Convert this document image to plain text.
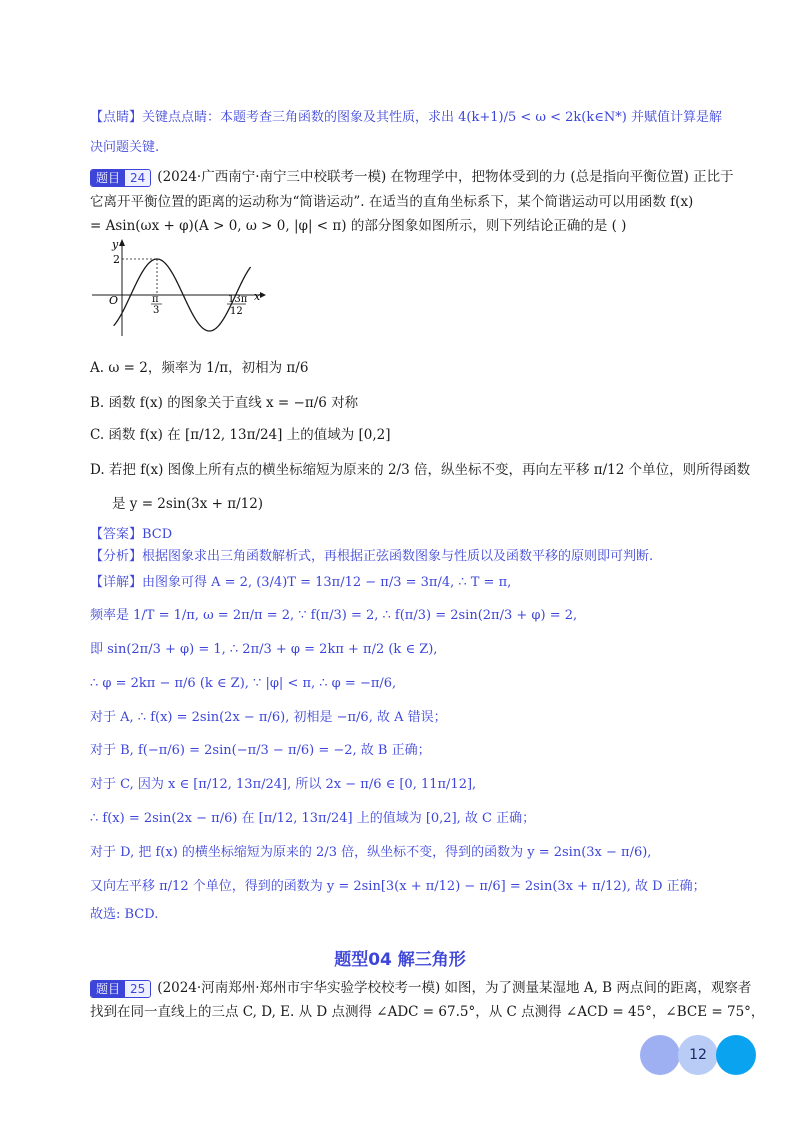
【点睛】关键点点睛：本题考查三角函数的图象及其性质，求出 4(k+1)/5 < ω < 2k(k∈N*) 并赋值计算是解
决问题关键.
题目 24 (2024·广西南宁·南宁三中校联考一模) 在物理学中，把物体受到的力 (总是指向平衡位置) 正比于
它离开平衡位置的距离的运动称为“简谐运动”. 在适当的直角坐标系下，某个简谐运动可以用函数 f(x)
= Asin(ωx + φ)(A > 0, ω > 0, |φ| < π) 的部分图象如图所示，则下列结论正确的是 ( )
y
x
O
2
π
3
13π
12
A. ω = 2，频率为 1/π，初相为 π/6
B. 函数 f(x) 的图象关于直线 x = −π/6 对称
C. 函数 f(x) 在 [π/12, 13π/24] 上的值域为 [0,2]
D. 若把 f(x) 图像上所有点的横坐标缩短为原来的 2/3 倍，纵坐标不变，再向左平移 π/12 个单位，则所得函数
是 y = 2sin(3x + π/12)
【答案】BCD
【分析】根据图象求出三角函数解析式，再根据正弦函数图象与性质以及函数平移的原则即可判断.
【详解】由图象可得 A = 2, (3/4)T = 13π/12 − π/3 = 3π/4, ∴ T = π,
频率是 1/T = 1/π, ω = 2π/π = 2, ∵ f(π/3) = 2, ∴ f(π/3) = 2sin(2π/3 + φ) = 2,
即 sin(2π/3 + φ) = 1, ∴ 2π/3 + φ = 2kπ + π/2 (k ∈ Z),
∴ φ = 2kπ − π/6 (k ∈ Z), ∵ |φ| < π, ∴ φ = −π/6,
对于 A, ∴ f(x) = 2sin(2x − π/6), 初相是 −π/6, 故 A 错误；
对于 B, f(−π/6) = 2sin(−π/3 − π/6) = −2, 故 B 正确；
对于 C, 因为 x ∈ [π/12, 13π/24], 所以 2x − π/6 ∈ [0, 11π/12],
∴ f(x) = 2sin(2x − π/6) 在 [π/12, 13π/24] 上的值域为 [0,2], 故 C 正确；
对于 D, 把 f(x) 的横坐标缩短为原来的 2/3 倍，纵坐标不变，得到的函数为 y = 2sin(3x − π/6),
又向左平移 π/12 个单位，得到的函数为 y = 2sin[3(x + π/12) − π/6] = 2sin(3x + π/12), 故 D 正确；
故选: BCD.
题型04 解三角形
题目 25 (2024·河南郑州·郑州市宇华实验学校校考一模) 如图，为了测量某湿地 A, B 两点间的距离，观察者
找到在同一直线上的三点 C, D, E. 从 D 点测得 ∠ADC = 67.5°，从 C 点测得 ∠ACD = 45°，∠BCE = 75°，
12
